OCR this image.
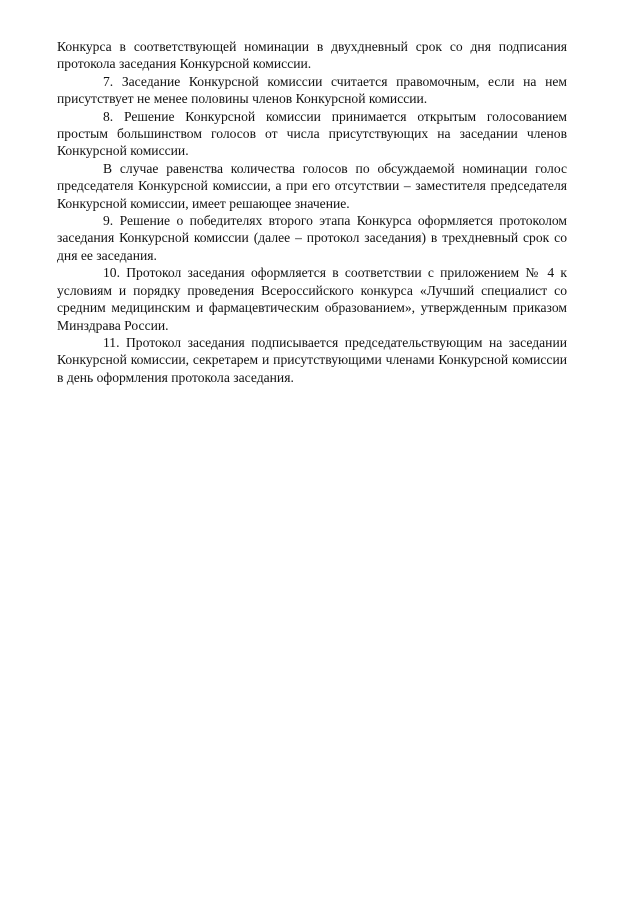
Конкурса в соответствующей номинации в двухдневный срок со дня подписания протокола заседания Конкурсной комиссии.

7. Заседание Конкурсной комиссии считается правомочным, если на нем присутствует не менее половины членов Конкурсной комиссии.

8. Решение Конкурсной комиссии принимается открытым голосованием простым большинством голосов от числа присутствующих на заседании членов Конкурсной комиссии.

В случае равенства количества голосов по обсуждаемой номинации голос председателя Конкурсной комиссии, а при его отсутствии – заместителя председателя Конкурсной комиссии, имеет решающее значение.

9. Решение о победителях второго этапа Конкурса оформляется протоколом заседания Конкурсной комиссии (далее – протокол заседания) в трехдневный срок со дня ее заседания.

10. Протокол заседания оформляется в соответствии с приложением № 4 к условиям и порядку проведения Всероссийского конкурса «Лучший специалист со средним медицинским и фармацевтическим образованием», утвержденным приказом Минздрава России.

11. Протокол заседания подписывается председательствующим на заседании Конкурсной комиссии, секретарем и присутствующими членами Конкурсной комиссии в день оформления протокола заседания.
